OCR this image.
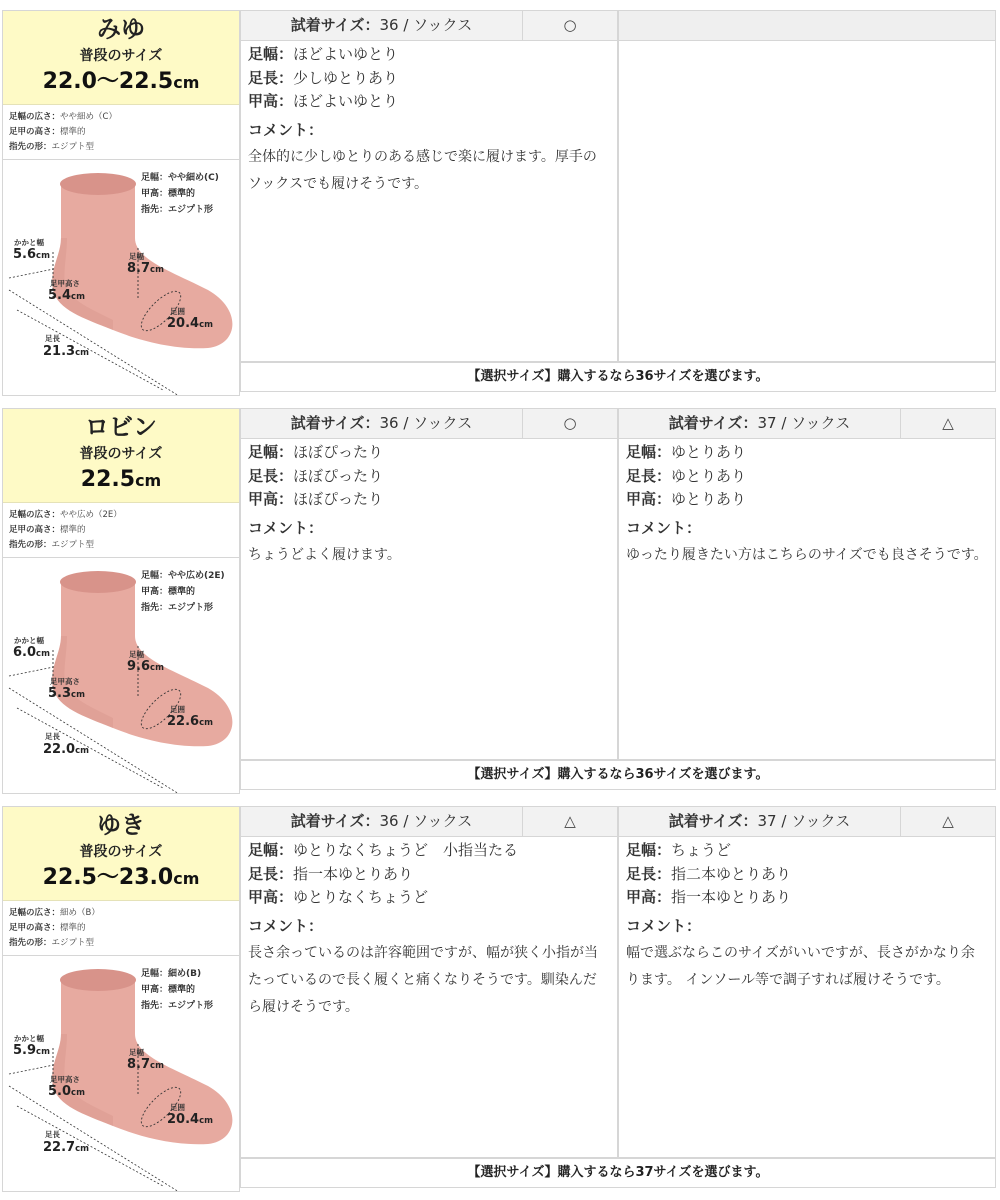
みゆ
普段のサイズ
22.0〜22.5cm
足幅の広さ：やや細め（C）
足甲の高さ：標準的
指先の形：エジプト型
足幅：やや細め(C)
甲高：標準的
指先：エジプト形
かかと幅
5.6cm	足幅
8.7cm
足甲高さ
5.4cm
足囲
20.4cm
足長
21.3cm
試着サイズ：36 / ソックス	○
足幅：ほどよいゆとり
足長：少しゆとりあり
甲高：ほどよいゆとり
コメント：
全体的に少しゆとりのある感じで楽に履けます。厚手のソックスでも履けそうです。
【選択サイズ】購入するなら36サイズを選びます。
ロビン
普段のサイズ
22.5cm
足幅の広さ：やや広め（2E）
足甲の高さ：標準的
指先の形：エジプト型
足幅：やや広め(2E)
甲高：標準的
指先：エジプト形
かかと幅
6.0cm	足幅
9.6cm
足甲高さ
5.3cm
足囲
22.6cm
足長
22.0cm
試着サイズ：36 / ソックス	○
足幅：ほぼぴったり
足長：ほぼぴったり
甲高：ほぼぴったり
コメント：
ちょうどよく履けます。
試着サイズ：37 / ソックス	△
足幅：ゆとりあり
足長：ゆとりあり
甲高：ゆとりあり
コメント：
ゆったり履きたい方はこちらのサイズでも良さそうです。
【選択サイズ】購入するなら36サイズを選びます。
ゆき
普段のサイズ
22.5〜23.0cm
足幅の広さ：細め（B）
足甲の高さ：標準的
指先の形：エジプト型
足幅：細め(B)
甲高：標準的
指先：エジプト形
かかと幅
5.9cm	足幅
8.7cm
足甲高さ
5.0cm
足囲
20.4cm
足長
22.7cm
試着サイズ：36 / ソックス	△
足幅：ゆとりなくちょうど　小指当たる
足長：指一本ゆとりあり
甲高：ゆとりなくちょうど
コメント：
長さ余っているのは許容範囲ですが、幅が狭く小指が当たっているので長く履くと痛くなりそうです。馴染んだら履けそうです。
試着サイズ：37 / ソックス	△
足幅：ちょうど
足長：指二本ゆとりあり
甲高：指一本ゆとりあり
コメント：
幅で選ぶならこのサイズがいいですが、長さがかなり余ります。 インソール等で調子すれば履けそうです。
【選択サイズ】購入するなら37サイズを選びます。
